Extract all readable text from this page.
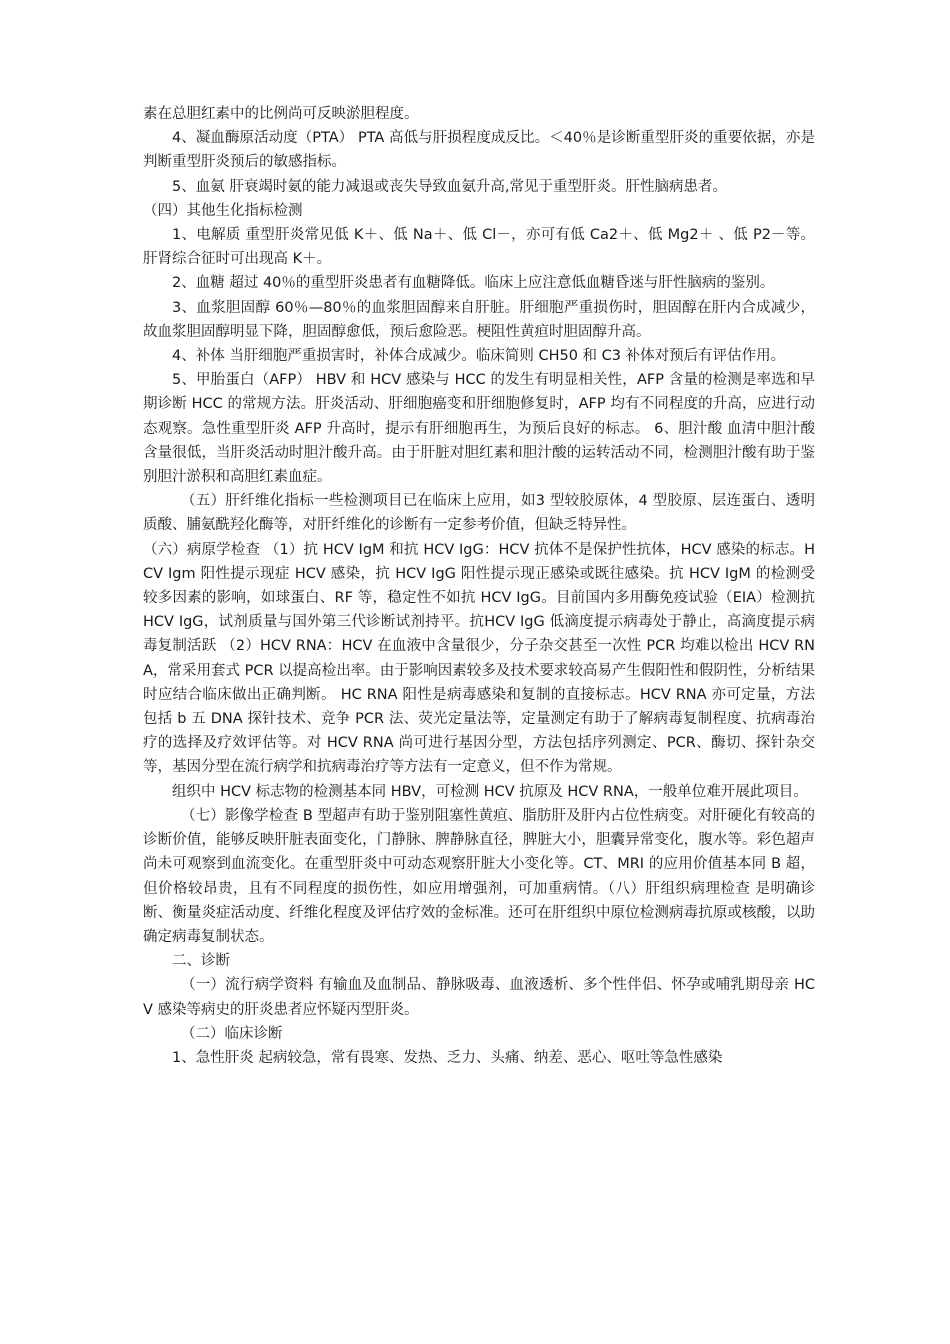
素在总胆红素中的比例尚可反映淤胆程度。

4、凝血酶原活动度（PTA） PTA 高低与肝损程度成反比。＜40％是诊断重型肝炎的重要依据，亦是判断重型肝炎预后的敏感指标。

5、血氨 肝衰竭时氨的能力减退或丧失导致血氨升高,常见于重型肝炎。肝性脑病患者。

（四）其他生化指标检测

1、电解质 重型肝炎常见低 K＋、低 Na＋、低 Cl－，亦可有低 Ca2＋、低 Mg2＋ 、低 P2－等。肝肾综合征时可出现高 K＋。

2、血糖 超过 40％的重型肝炎患者有血糖降低。临床上应注意低血糖昏迷与肝性脑病的鉴别。

3、血浆胆固醇 60％—80％的血浆胆固醇来自肝脏。肝细胞严重损伤时，胆固醇在肝内合成减少，故血浆胆固醇明显下降，胆固醇愈低，预后愈险恶。梗阻性黄疸时胆固醇升高。

4、补体 当肝细胞严重损害时，补体合成减少。临床简则 CH50 和 C3 补体对预后有评估作用。

5、甲胎蛋白（AFP） HBV 和 HCV 感染与 HCC 的发生有明显相关性，AFP 含量的检测是率选和早期诊断 HCC 的常规方法。肝炎活动、肝细胞癌变和肝细胞修复时，AFP 均有不同程度的升高，应进行动态观察。急性重型肝炎 AFP 升高时，提示有肝细胞再生，为预后良好的标志。 6、胆汁酸 血清中胆汁酸含量很低，当肝炎活动时胆汁酸升高。由于肝脏对胆红素和胆汁酸的运转活动不同，检测胆汁酸有助于鉴别胆汁淤积和高胆红素血症。

（五）肝纤维化指标一些检测项目已在临床上应用，如3 型较胶原体，4 型胶原、层连蛋白、透明质酸、脯氨酰羟化酶等，对肝纤维化的诊断有一定参考价值，但缺乏特异性。

（六）病原学检查 （1）抗 HCV IgM 和抗 HCV IgG：HCV 抗体不是保护性抗体，HCV 感染的标志。HCV Igm 阳性提示现症 HCV 感染，抗 HCV IgG 阳性提示现正感染或既往感染。抗 HCV IgM 的检测受较多因素的影响，如球蛋白、RF 等，稳定性不如抗 HCV IgG。目前国内多用酶免疫试验（EIA）检测抗 HCV IgG，试剂质量与国外第三代诊断试剂持平。抗HCV IgG 低滴度提示病毒处于静止，高滴度提示病毒复制活跃 （2）HCV RNA：HCV 在血液中含量很少，分子杂交甚至一次性 PCR 均难以检出 HCV RNA，常采用套式 PCR 以提高检出率。由于影响因素较多及技术要求较高易产生假阳性和假阴性，分析结果时应结合临床做出正确判断。 HC RNA 阳性是病毒感染和复制的直接标志。HCV RNA 亦可定量，方法包括 b 五 DNA 探针技术、竞争 PCR 法、荧光定量法等，定量测定有助于了解病毒复制程度、抗病毒治疗的选择及疗效评估等。对 HCV RNA 尚可进行基因分型，方法包括序列测定、PCR、酶切、探针杂交等，基因分型在流行病学和抗病毒治疗等方法有一定意义，但不作为常规。

组织中 HCV 标志物的检测基本同 HBV，可检测 HCV 抗原及 HCV RNA，一般单位难开展此项目。

（七）影像学检查 B 型超声有助于鉴别阻塞性黄疸、脂肪肝及肝内占位性病变。对肝硬化有较高的诊断价值，能够反映肝脏表面变化，门静脉、脾静脉直径，脾脏大小，胆囊异常变化，腹水等。彩色超声尚未可观察到血流变化。在重型肝炎中可动态观察肝脏大小变化等。CT、MRI 的应用价值基本同 B 超，但价格较昂贵，且有不同程度的损伤性，如应用增强剂，可加重病情。（八）肝组织病理检查 是明确诊断、衡量炎症活动度、纤维化程度及评估疗效的金标准。还可在肝组织中原位检测病毒抗原或核酸，以助确定病毒复制状态。

二、诊断

（一）流行病学资料 有输血及血制品、静脉吸毒、血液透析、多个性伴侣、怀孕或哺乳期母亲 HCV 感染等病史的肝炎患者应怀疑丙型肝炎。

（二）临床诊断

1、急性肝炎 起病较急，常有畏寒、发热、乏力、头痛、纳差、恶心、呕吐等急性感染
